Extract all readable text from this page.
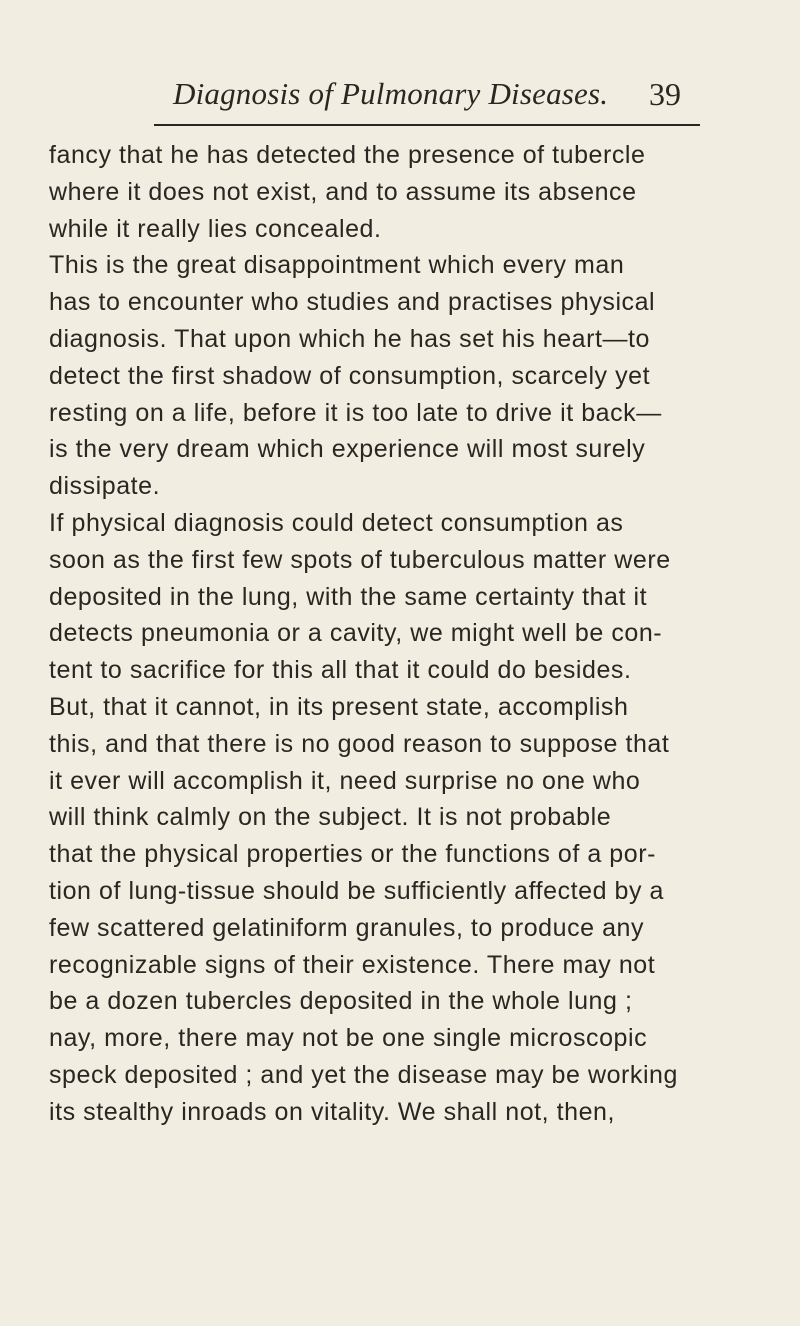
Diagnosis of Pulmonary Diseases. 39
fancy that he has detected the presence of tubercle
where it does not exist, and to assume its absence
while it really lies concealed.
This is the great disappointment which every man
has to encounter who studies and practises physical
diagnosis. That upon which he has set his heart—to
detect the first shadow of consumption, scarcely yet
resting on a life, before it is too late to drive it back—
is the very dream which experience will most surely
dissipate.
If physical diagnosis could detect consumption as
soon as the first few spots of tuberculous matter were
deposited in the lung, with the same certainty that it
detects pneumonia or a cavity, we might well be con-
tent to sacrifice for this all that it could do besides.
But, that it cannot, in its present state, accomplish
this, and that there is no good reason to suppose that
it ever will accomplish it, need surprise no one who
will think calmly on the subject. It is not probable
that the physical properties or the functions of a por-
tion of lung-tissue should be sufficiently affected by a
few scattered gelatiniform granules, to produce any
recognizable signs of their existence. There may not
be a dozen tubercles deposited in the whole lung ;
nay, more, there may not be one single microscopic
speck deposited ; and yet the disease may be working
its stealthy inroads on vitality. We shall not, then,
